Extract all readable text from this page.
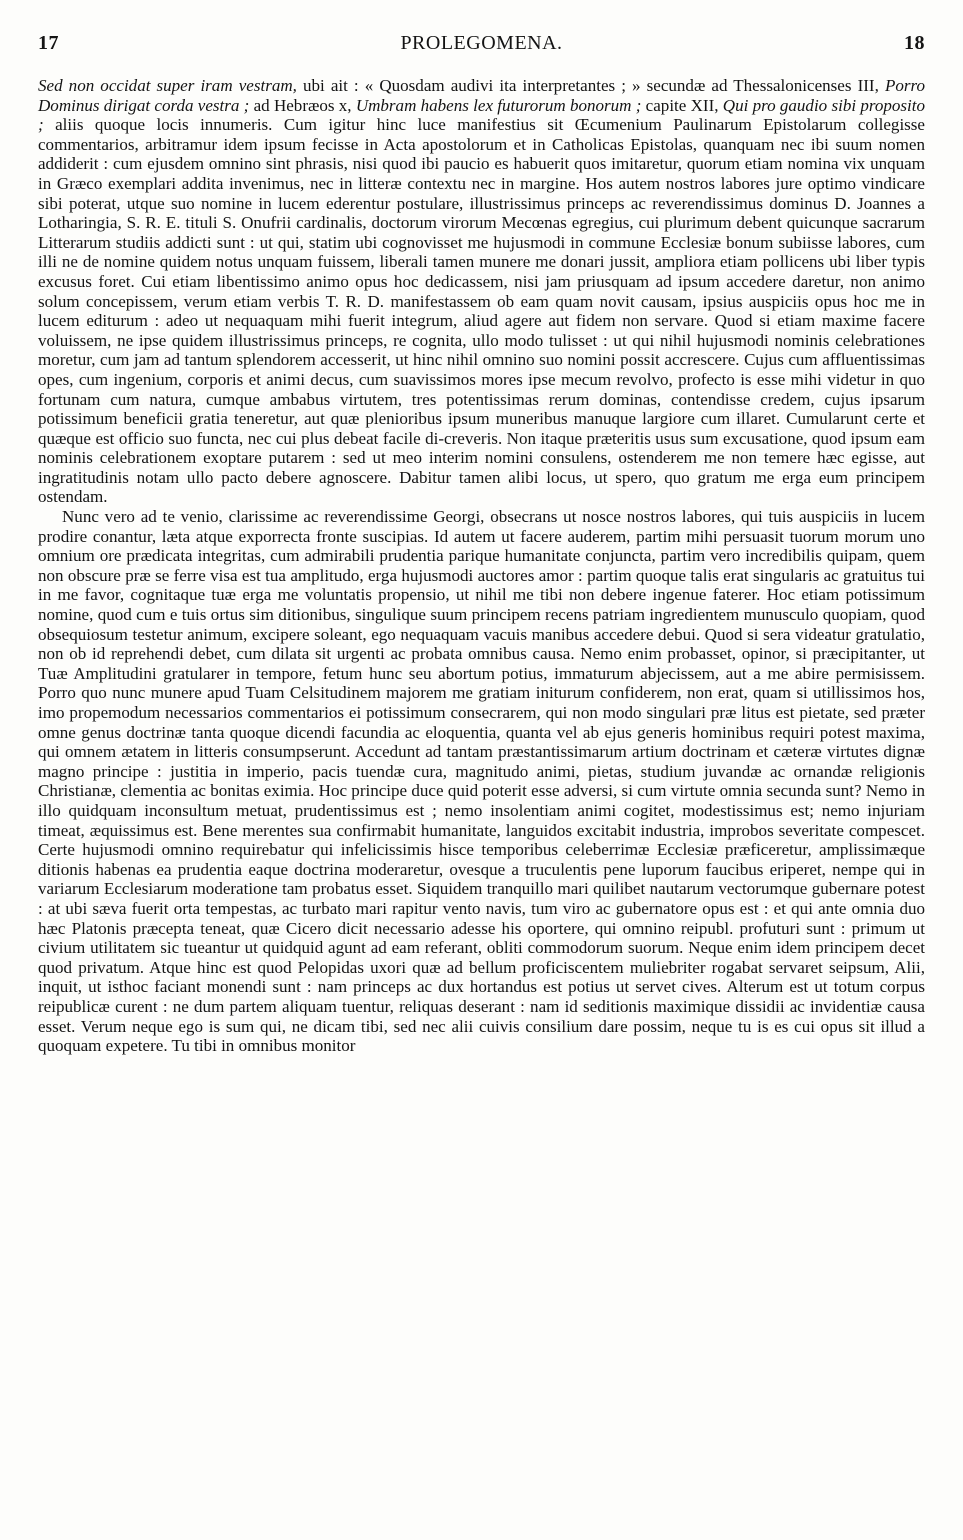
17	PROLEGOMENA.	18

Sed non occidat super iram vestram, ubi ait : « Quosdam audivi ita interpretantes ; » secundæ ad Thessalonicenses III, Porro Dominus dirigat corda vestra ; ad Hebræos x, Umbram habens lex futurorum bonorum ; capite XII, Qui pro gaudio sibi proposito ; aliis quoque locis innumeris. Cum igitur hinc luce manifestius sit Œcumenium Paulinarum Epistolarum collegisse commentarios, arbitramur idem ipsum fecisse in Acta apostolorum et in Catholicas Epistolas, quanquam nec ibi suum nomen addiderit : cum ejusdem omnino sint phrasis, nisi quod ibi paucio es habuerit quos imitaretur, quorum etiam nomina vix unquam in Græco exemplari addita invenimus, nec in litteræ contextu nec in margine. Hos autem nostros labores jure optimo vindicare sibi poterat, utque suo nomine in lucem ederentur postulare, illustrissimus princeps ac reverendissimus dominus D. Joannes a Lotharingia, S. R. E. tituli S. Onufrii cardinalis, doctorum virorum Mecœnas egregius, cui plurimum debent quicunque sacrarum Litterarum studiis addicti sunt : ut qui, statim ubi cognovisset me hujusmodi in commune Ecclesiæ bonum subiisse labores, cum illi ne de nomine quidem notus unquam fuissem, liberali tamen munere me donari jussit, ampliora etiam pollicens ubi liber typis excusus foret. Cui etiam libentissimo animo opus hoc dedicassem, nisi jam priusquam ad ipsum accedere daretur, non animo solum concepissem, verum etiam verbis T. R. D. manifestassem ob eam quam novit causam, ipsius auspiciis opus hoc me in lucem editurum : adeo ut nequaquam mihi fuerit integrum, aliud agere aut fidem non servare. Quod si etiam maxime facere voluissem, ne ipse quidem illustrissimus princeps, re cognita, ullo modo tulisset : ut qui nihil hujusmodi nominis celebrationes moretur, cum jam ad tantum splendorem accesserit, ut hinc nihil omnino suo nomini possit accrescere. Cujus cum affluentissimas opes, cum ingenium, corporis et animi decus, cum suavissimos mores ipse mecum revolvo, profecto is esse mihi videtur in quo fortunam cum natura, cumque ambabus virtutem, tres potentissimas rerum dominas, contendisse credem, cujus ipsarum potissimum beneficii gratia teneretur, aut quæ plenioribus ipsum muneribus manuque largiore cum illaret. Cumularunt certe et quæque est officio suo functa, nec cui plus debeat facile di-creveris. Non itaque præteritis usus sum excusatione, quod ipsum eam nominis celebrationem exoptare putarem : sed ut meo interim nomini consulens, ostenderem me non temere hæc egisse, aut ingratitudinis notam ullo pacto debere agnoscere. Dabitur tamen alibi locus, ut spero, quo gratum me erga eum principem ostendam.

Nunc vero ad te venio, clarissime ac reverendissime Georgi, obsecrans ut nosce nostros labores, qui tuis auspiciis in lucem prodire conantur, læta atque exporrecta fronte suscipias. Id autem ut facere auderem, partim mihi persuasit tuorum morum uno omnium ore prædicata integritas, cum admirabili prudentia parique humanitate conjuncta, partim vero incredibilis quipam, quem non obscure præ se ferre visa est tua amplitudo, erga hujusmodi auctores amor : partim quoque talis erat singularis ac gratuitus tui in me favor, cognitaque tuæ erga me voluntatis propensio, ut nihil me tibi non debere ingenue faterer. Hoc etiam potissimum nomine, quod cum e tuis ortus sim ditionibus, singulique suum principem recens patriam ingredientem munusculo quopiam, quod obsequiosum testetur animum, excipere soleant, ego nequaquam vacuis manibus accedere debui. Quod si sera videatur gratulatio, non ob id reprehendi debet, cum dilata sit urgenti ac probata omnibus causa. Nemo enim probasset, opinor, si præcipitanter, ut Tuæ Amplitudini gratularer in tempore, fetum hunc seu abortum potius, immaturum abjecissem, aut a me abire permisissem. Porro quo nunc munere apud Tuam Celsitudinem majorem me gratiam initurum confiderem, non erat, quam si utillissimos hos, imo propemodum necessarios commentarios ei potissimum consecrarem, qui non modo singulari præ litus est pietate, sed præter omne genus doctrinæ tanta quoque dicendi facundia ac eloquentia, quanta vel ab ejus generis hominibus requiri potest maxima, qui omnem ætatem in litteris consumpserunt. Accedunt ad tantam præstantissimarum artium doctrinam et cæteræ virtutes dignæ magno principe : justitia in imperio, pacis tuendæ cura, magnitudo animi, pietas, studium juvandæ ac ornandæ religionis Christianæ, clementia ac bonitas eximia. Hoc principe duce quid poterit esse adversi, si cum virtute omnia secunda sunt? Nemo in illo quidquam inconsultum metuat, prudentissimus est ; nemo insolentiam animi cogitet, modestissimus est; nemo injuriam timeat, æquissimus est. Bene merentes sua confirmabit humanitate, languidos excitabit industria, improbos severitate compescet. Certe hujusmodi omnino requirebatur qui infelicissimis hisce temporibus celeberrimæ Ecclesiæ præficeretur, amplissimæque ditionis habenas ea prudentia eaque doctrina moderaretur, ovesque a truculentis pene luporum faucibus eriperet, nempe qui in variarum Ecclesiarum moderatione tam probatus esset. Siquidem tranquillo mari quilibet nautarum vectorumque gubernare potest : at ubi sæva fuerit orta tempestas, ac turbato mari rapitur vento navis, tum viro ac gubernatore opus est : et qui ante omnia duo hæc Platonis præcepta teneat, quæ Cicero dicit necessario adesse his oportere, qui omnino reipubl. profuturi sunt : primum ut civium utilitatem sic tueantur ut quidquid agunt ad eam referant, obliti commodorum suorum. Neque enim idem principem decet quod privatum. Atque hinc est quod Pelopidas uxori quæ ad bellum proficiscentem muliebriter rogabat servaret seipsum, Alii, inquit, ut isthoc faciant monendi sunt : nam princeps ac dux hortandus est potius ut servet cives. Alterum est ut totum corpus reipublicæ curent : ne dum partem aliquam tuentur, reliquas deserant : nam id seditionis maximique dissidii ac invidentiæ causa esset. Verum neque ego is sum qui, ne dicam tibi, sed nec alii cuivis consilium dare possim, neque tu is es cui opus sit illud a quoquam expetere. Tu tibi in omnibus monitor
